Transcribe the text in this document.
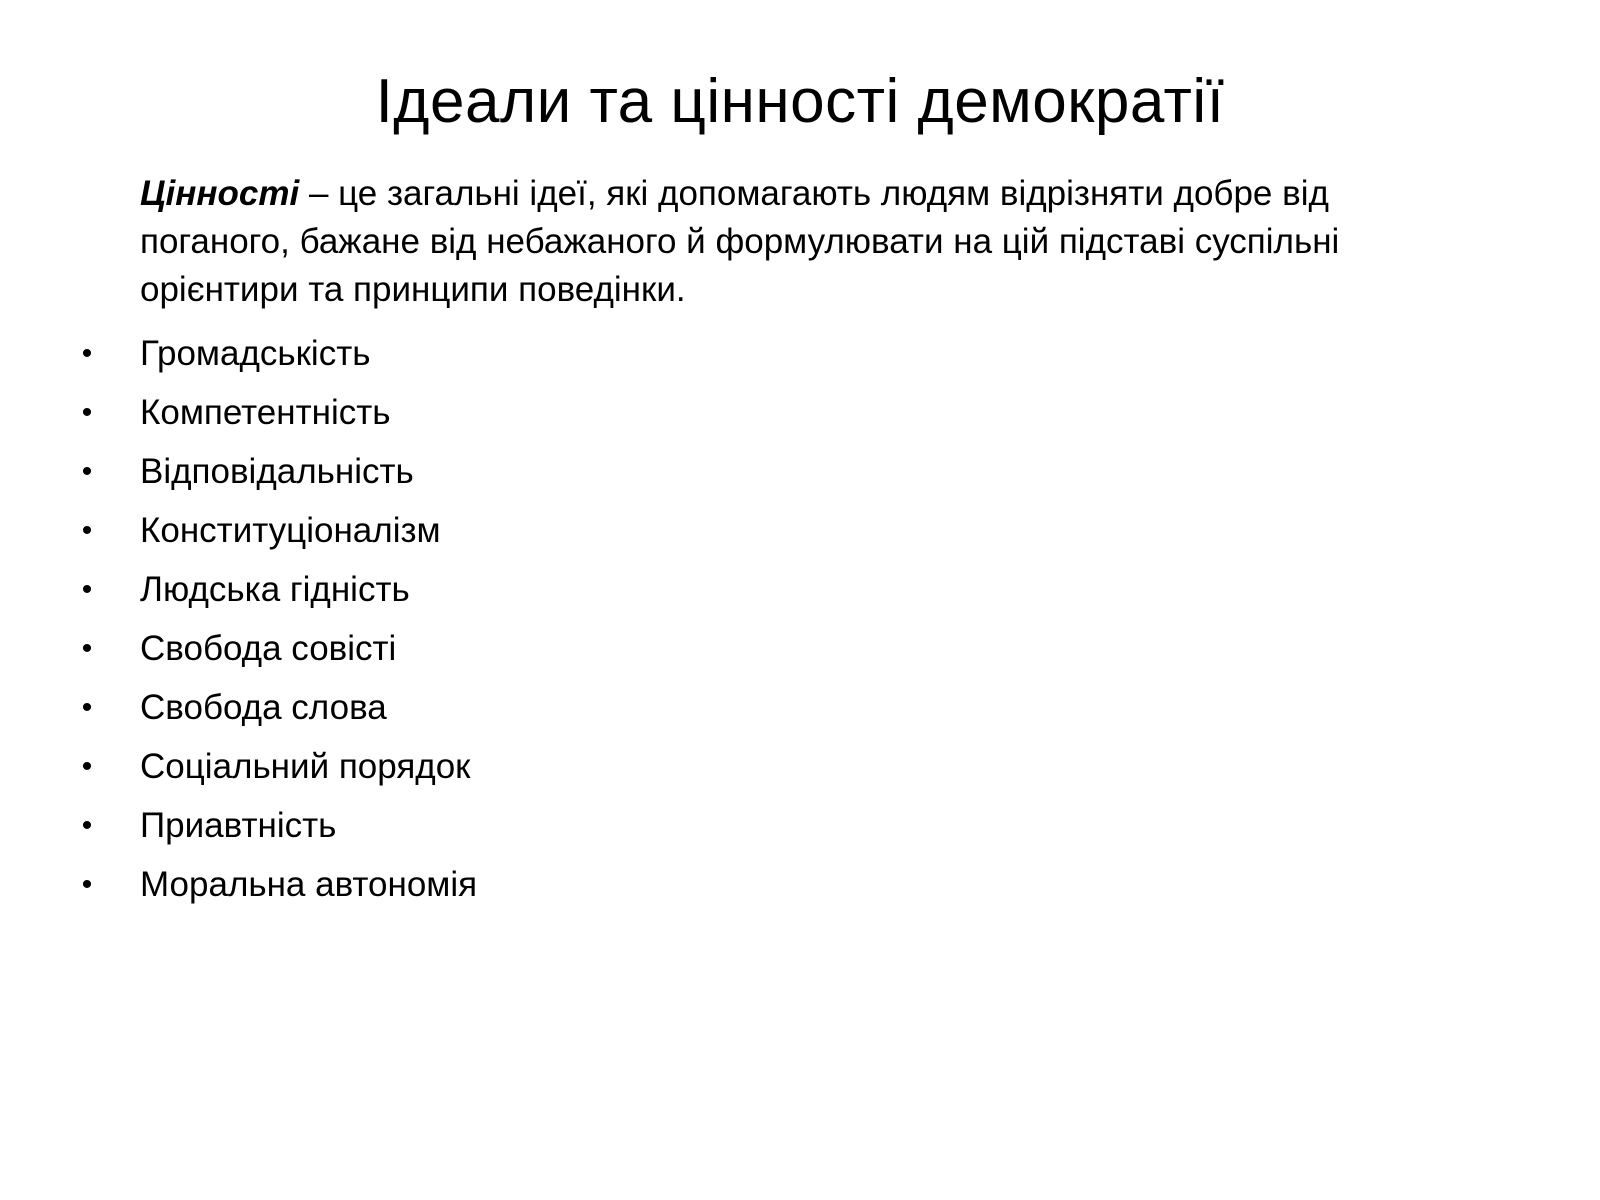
Ідеали та цінності демократії

Цінності – це загальні ідеї, які допомагають людям відрізняти добре від поганого, бажане від небажаного й формулювати на цій підставі суспільні орієнтири та принципи поведінки.

• Громадськість
• Компетентність
• Відповідальність
• Конституціоналізм
• Людська гідність
• Свобода совісті
• Свобода слова
• Соціальний порядок
• Приавтність
• Моральна автономія
